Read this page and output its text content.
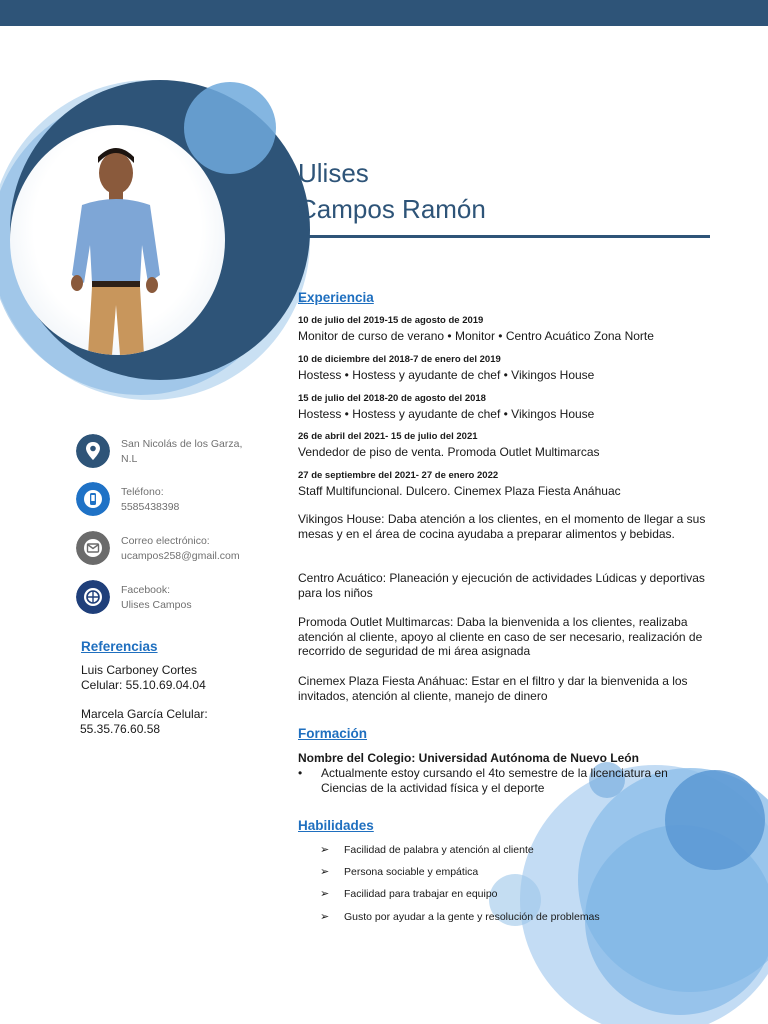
Ulises
Campos Ramón
San Nicolás de los Garza,
N.L
Teléfono:
5585438398
Correo electrónico:
ucampos258@gmail.com
Facebook:
Ulises Campos
Referencias
Luis Carboney Cortes
Celular: 55.10.69.04.04
Marcela García Celular:
55.35.76.60.58
Experiencia

10 de julio del 2019-15 de agosto de 2019

Monitor de curso de verano • Monitor • Centro Acuático Zona Norte

10 de diciembre del 2018-7 de enero del 2019

Hostess • Hostess y ayudante de chef • Vikingos House

15 de julio del 2018-20 de agosto del 2018

Hostess • Hostess y ayudante de chef • Vikingos House

26 de abril del 2021- 15 de julio del 2021

Vendedor de piso de venta. Promoda Outlet Multimarcas

27 de septiembre del 2021- 27 de enero 2022

Staff Multifuncional. Dulcero. Cinemex Plaza Fiesta Anáhuac

Vikingos House: Daba atención a los clientes, en el momento de llegar a sus mesas y en el área de cocina ayudaba a preparar alimentos y bebidas.

Centro Acuático: Planeación y ejecución de actividades Lúdicas y deportivas para los niños

Promoda Outlet Multimarcas: Daba la bienvenida a los clientes, realizaba atención al cliente, apoyo al cliente en caso de ser necesario, realización de recorrido de seguridad de mi área asignada

Cinemex Plaza Fiesta Anáhuac: Estar en el filtro y dar la bienvenida a los invitados, atención al cliente, manejo de dinero

Formación

Nombre del Colegio: Universidad Autónoma de Nuevo León

• Actualmente estoy cursando el 4to semestre de la licenciatura en Ciencias de la actividad física y el deporte

Habilidades
➢ Facilidad de palabra y atención al cliente
➢ Persona sociable y empática
➢ Facilidad para trabajar en equipo
➢ Gusto por ayudar a la gente y resolución de problemas
